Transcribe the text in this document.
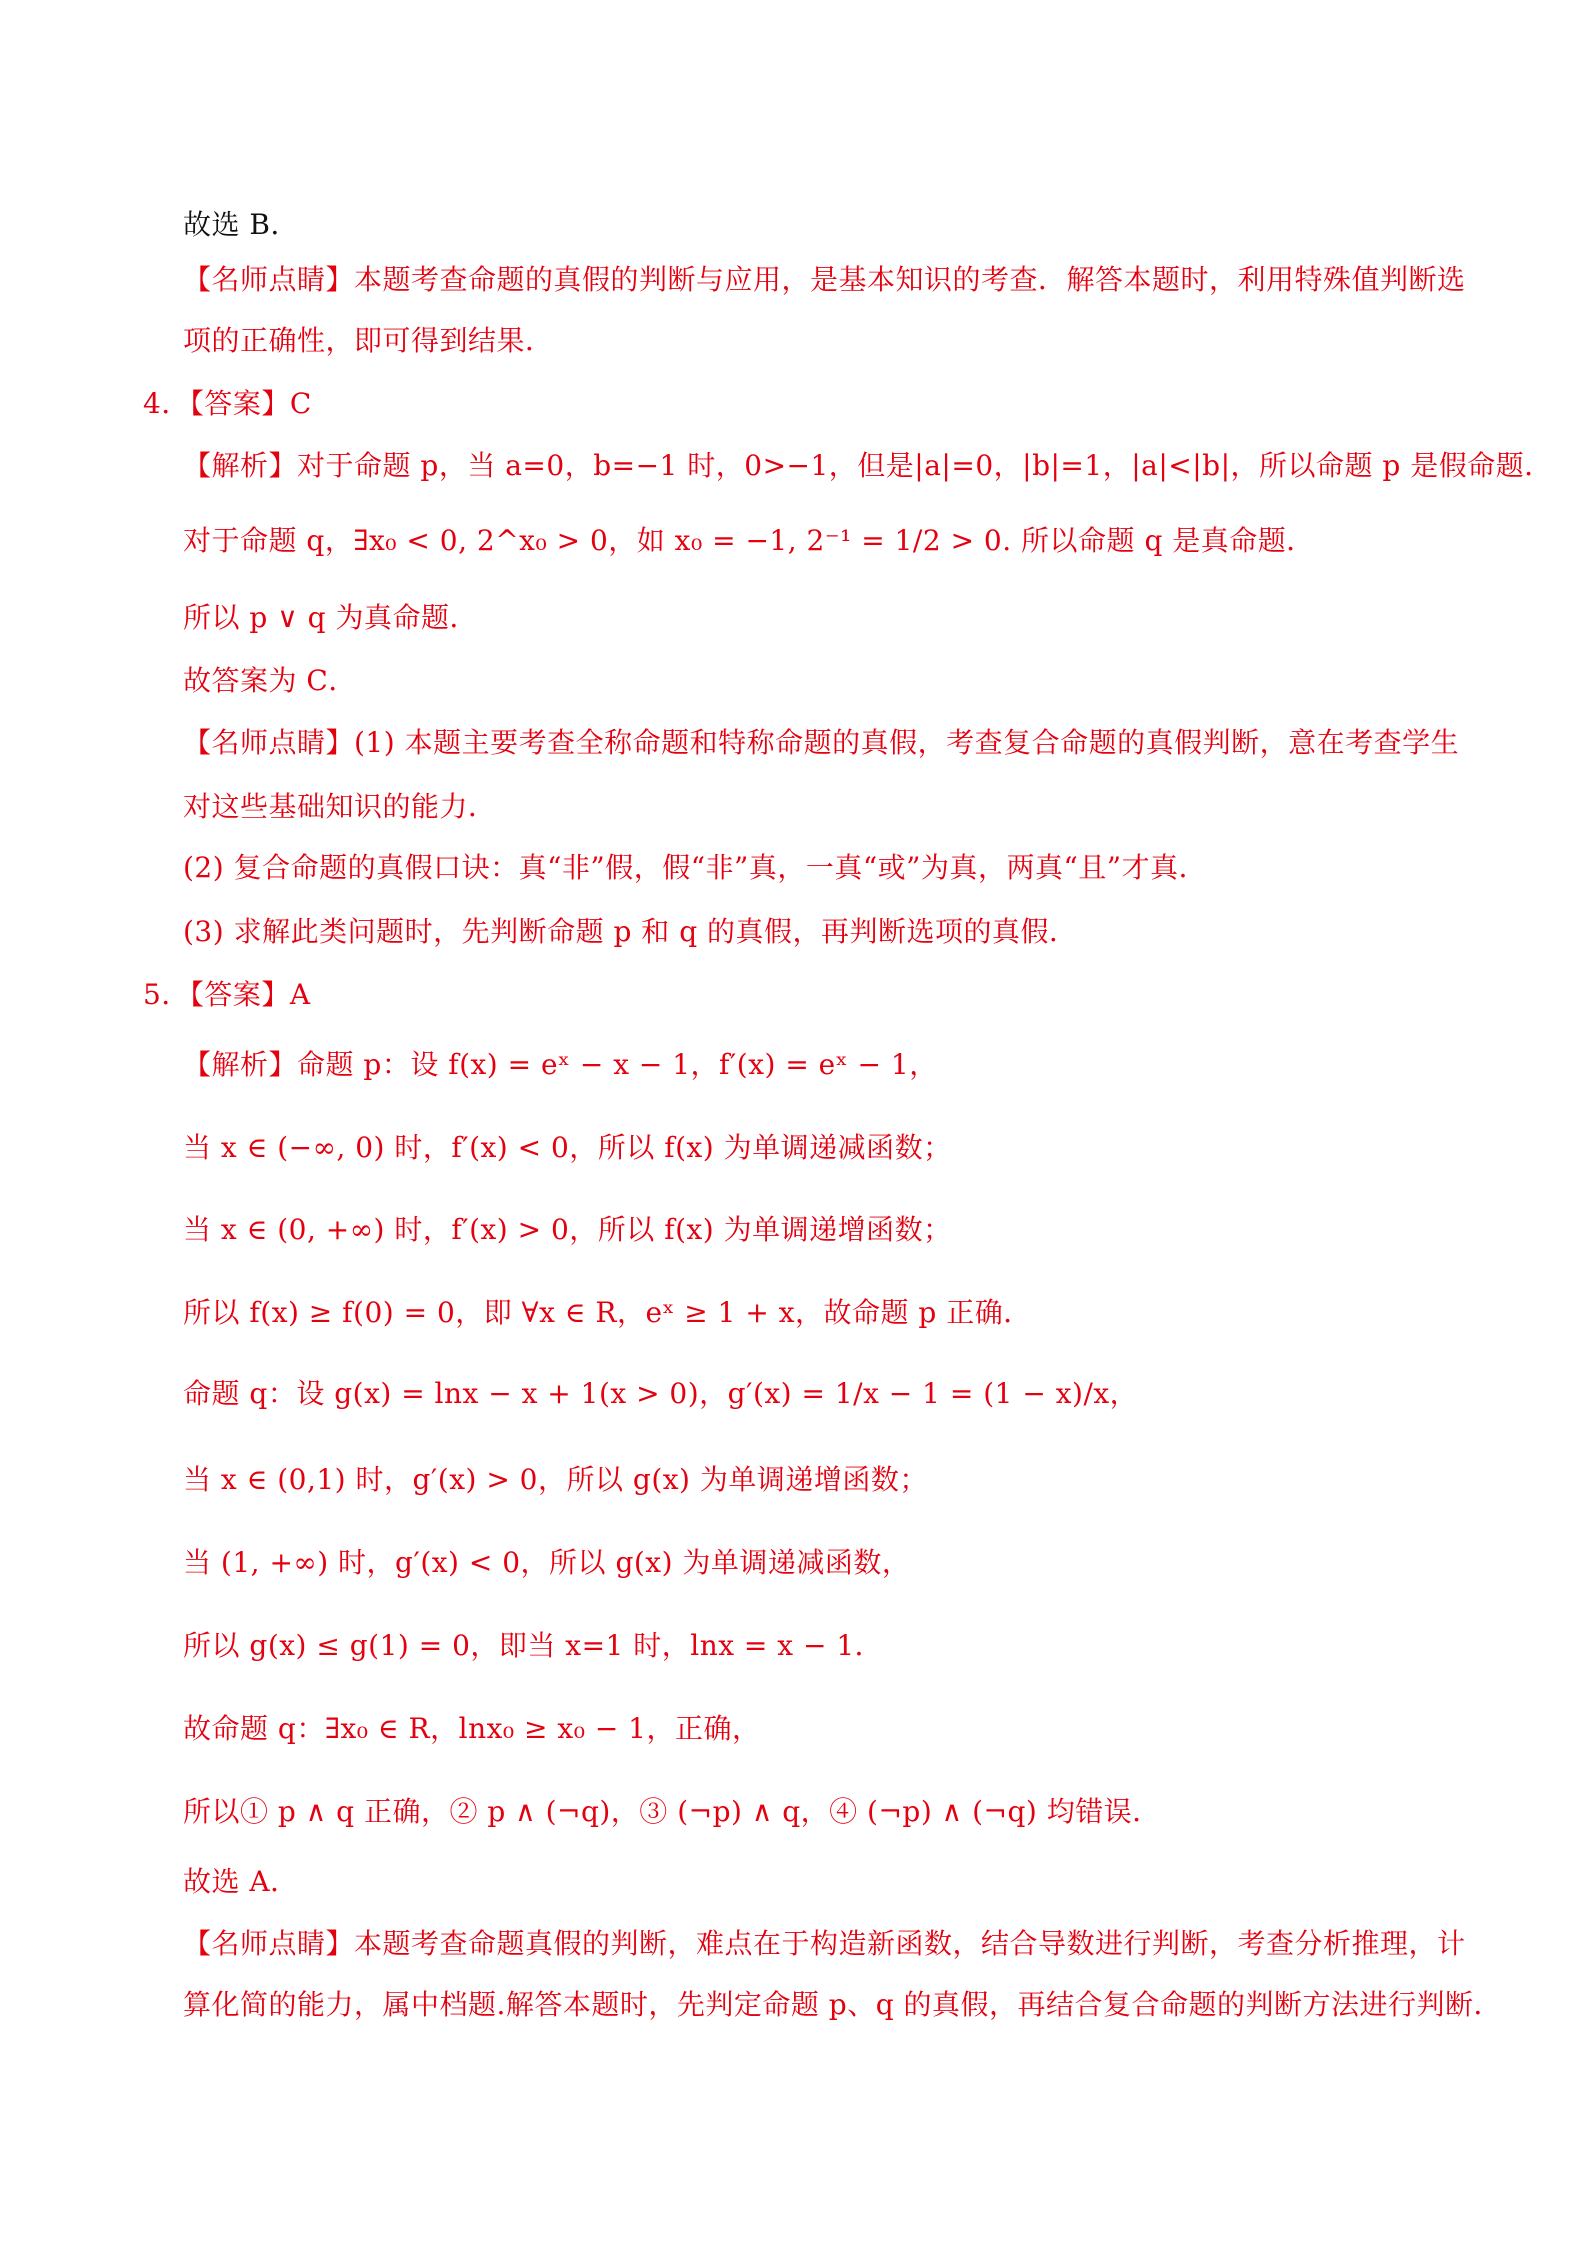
故选 B．
【名师点睛】本题考查命题的真假的判断与应用，是基本知识的考查．解答本题时，利用特殊值判断选
项的正确性，即可得到结果．
4．【答案】C
【解析】对于命题 p，当 a=0，b=−1 时，0>−1，但是|a|=0，|b|=1，|a|<|b|，所以命题 p 是假命题．
对于命题 q，∃x₀ < 0, 2^x₀ > 0，如 x₀ = −1, 2⁻¹ = 1/2 > 0. 所以命题 q 是真命题．
所以 p ∨ q 为真命题．
故答案为 C．
【名师点睛】(1) 本题主要考查全称命题和特称命题的真假，考查复合命题的真假判断，意在考查学生
对这些基础知识的能力．
(2) 复合命题的真假口诀：真“非”假，假“非”真，一真“或”为真，两真“且”才真．
(3) 求解此类问题时，先判断命题 p 和 q 的真假，再判断选项的真假．
5．【答案】A
【解析】命题 p：设 f(x) = eˣ − x − 1，f′(x) = eˣ − 1，
当 x ∈ (−∞, 0) 时，f′(x) < 0，所以 f(x) 为单调递减函数；
当 x ∈ (0, +∞) 时，f′(x) > 0，所以 f(x) 为单调递增函数；
所以 f(x) ≥ f(0) = 0，即 ∀x ∈ R，eˣ ≥ 1 + x，故命题 p 正确．
命题 q：设 g(x) = lnx − x + 1(x > 0)，g′(x) = 1/x − 1 = (1 − x)/x，
当 x ∈ (0,1) 时，g′(x) > 0，所以 g(x) 为单调递增函数；
当 (1, +∞) 时，g′(x) < 0，所以 g(x) 为单调递减函数，
所以 g(x) ≤ g(1) = 0，即当 x=1 时，lnx = x − 1．
故命题 q：∃x₀ ∈ R，lnx₀ ≥ x₀ − 1，正确，
所以① p ∧ q 正确，② p ∧ (¬q)，③ (¬p) ∧ q，④ (¬p) ∧ (¬q) 均错误．
故选 A．
【名师点睛】本题考查命题真假的判断，难点在于构造新函数，结合导数进行判断，考查分析推理，计
算化简的能力，属中档题.解答本题时，先判定命题 p、q 的真假，再结合复合命题的判断方法进行判断．
